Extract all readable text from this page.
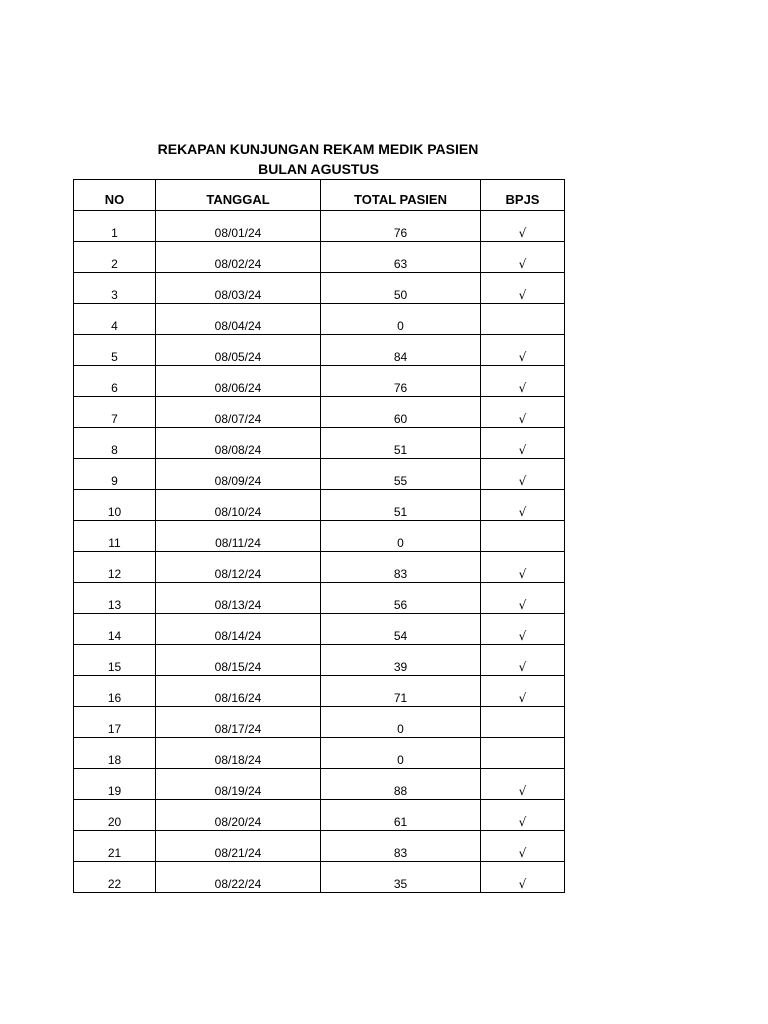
REKAPAN KUNJUNGAN REKAM MEDIK PASIEN
BULAN AGUSTUS
NO	TANGGAL	TOTAL PASIEN	BPJS
1	08/01/24	76	√
2	08/02/24	63	√
3	08/03/24	50	√
4	08/04/24	0	
5	08/05/24	84	√
6	08/06/24	76	√
7	08/07/24	60	√
8	08/08/24	51	√
9	08/09/24	55	√
10	08/10/24	51	√
11	08/11/24	0	
12	08/12/24	83	√
13	08/13/24	56	√
14	08/14/24	54	√
15	08/15/24	39	√
16	08/16/24	71	√
17	08/17/24	0	
18	08/18/24	0	
19	08/19/24	88	√
20	08/20/24	61	√
21	08/21/24	83	√
22	08/22/24	35	√
